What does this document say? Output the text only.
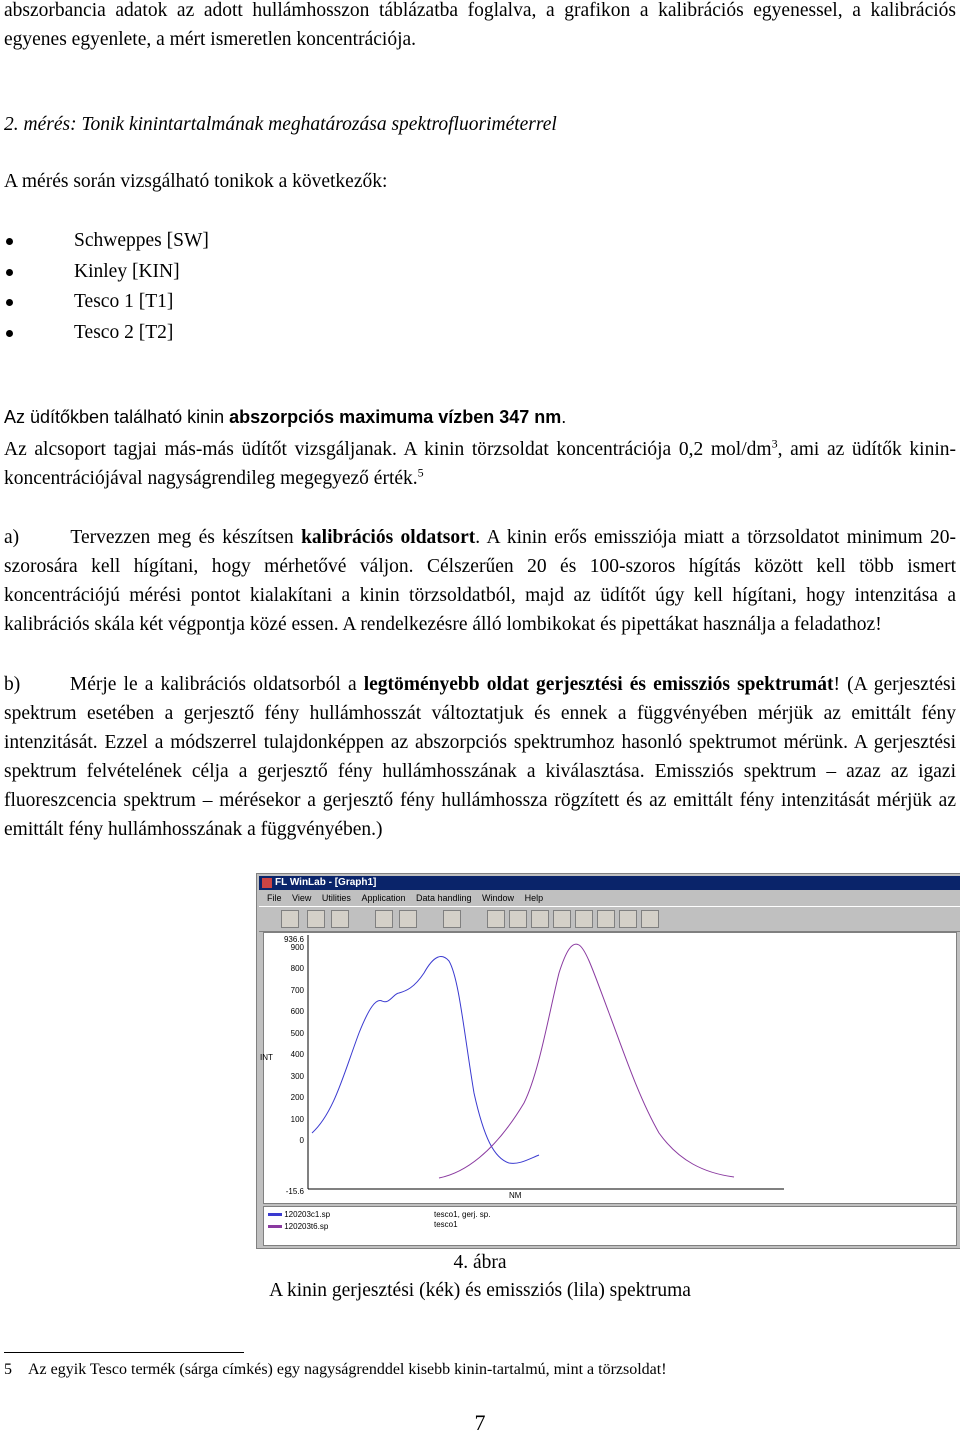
abszorbancia adatok az adott hullámhosszon táblázatba foglalva, a grafikon a kalibrációs egyenessel, a kalibrációs egyenes egyenlete, a mért ismeretlen koncentrációja.
2. mérés: Tonik kinintartalmának meghatározása spektrofluoriméterrel
A mérés során vizsgálható tonikok a következők:
Schweppes [SW]
Kinley [KIN]
Tesco 1 [T1]
Tesco 2 [T2]
Az üdítőkben található kinin abszorpciós maximuma vízben 347 nm.
Az alcsoport tagjai más-más üdítőt vizsgáljanak. A kinin törzsoldat koncentrációja 0,2 mol/$dm^3$, ami az üdítők kinin-koncentrációjával nagyságrendileg megegyező érték.$^5$
a)       Tervezzen meg és készítsen kalibrációs oldatsort. A kinin erős emissziója miatt a törzsoldatot minimum 20-szorosára kell hígítani, hogy mérhetővé váljon. Célszerűen 20 és 100-szoros hígítás között kell több ismert koncentrációjú mérési pontot kialakítani a kinin törzsoldatból, majd az üdítőt úgy kell hígítani, hogy intenzitása a kalibrációs skála két végpontja közé essen. A rendelkezésre álló lombikokat és pipettákat használja a feladathoz!
b)       Mérje le a kalibrációs oldatsorból a legtöményebb oldat gerjesztési és emissziós spektrumát! (A gerjesztési spektrum esetében a gerjesztő fény hullámhosszát változtatjuk és ennek a függvényében mérjük az emittált fény intenzitását. Ezzel a módszerrel tulajdonképpen az abszorpciós spektrumhoz hasonló spektrumot mérünk. A gerjesztési spektrum felvételének célja a gerjesztő fény hullámhosszának a kiválasztása. Emissziós spektrum – azaz az igazi fluoreszcencia spektrum – mérésekor a gerjesztő fény hullámhossza rögzített és az emittált fény intenzitását mérjük az emittált fény hullámhosszának a függvényében.)
FL WinLab - [Graph1]
File View Utilities Application Data handling Window Help
936.6
900
800
700
600
500
400
300
200
100
0
-15.6
INT
NM
120203c1.sp
120203t6.sp
tesco1, gerj. sp.
tesco1
4. ábra
A kinin gerjesztési (kék) és emissziós (lila) spektruma
5 Az egyik Tesco termék (sárga címkés) egy nagyságrenddel kisebb kinin-tartalmú, mint a törzsoldat!
7
